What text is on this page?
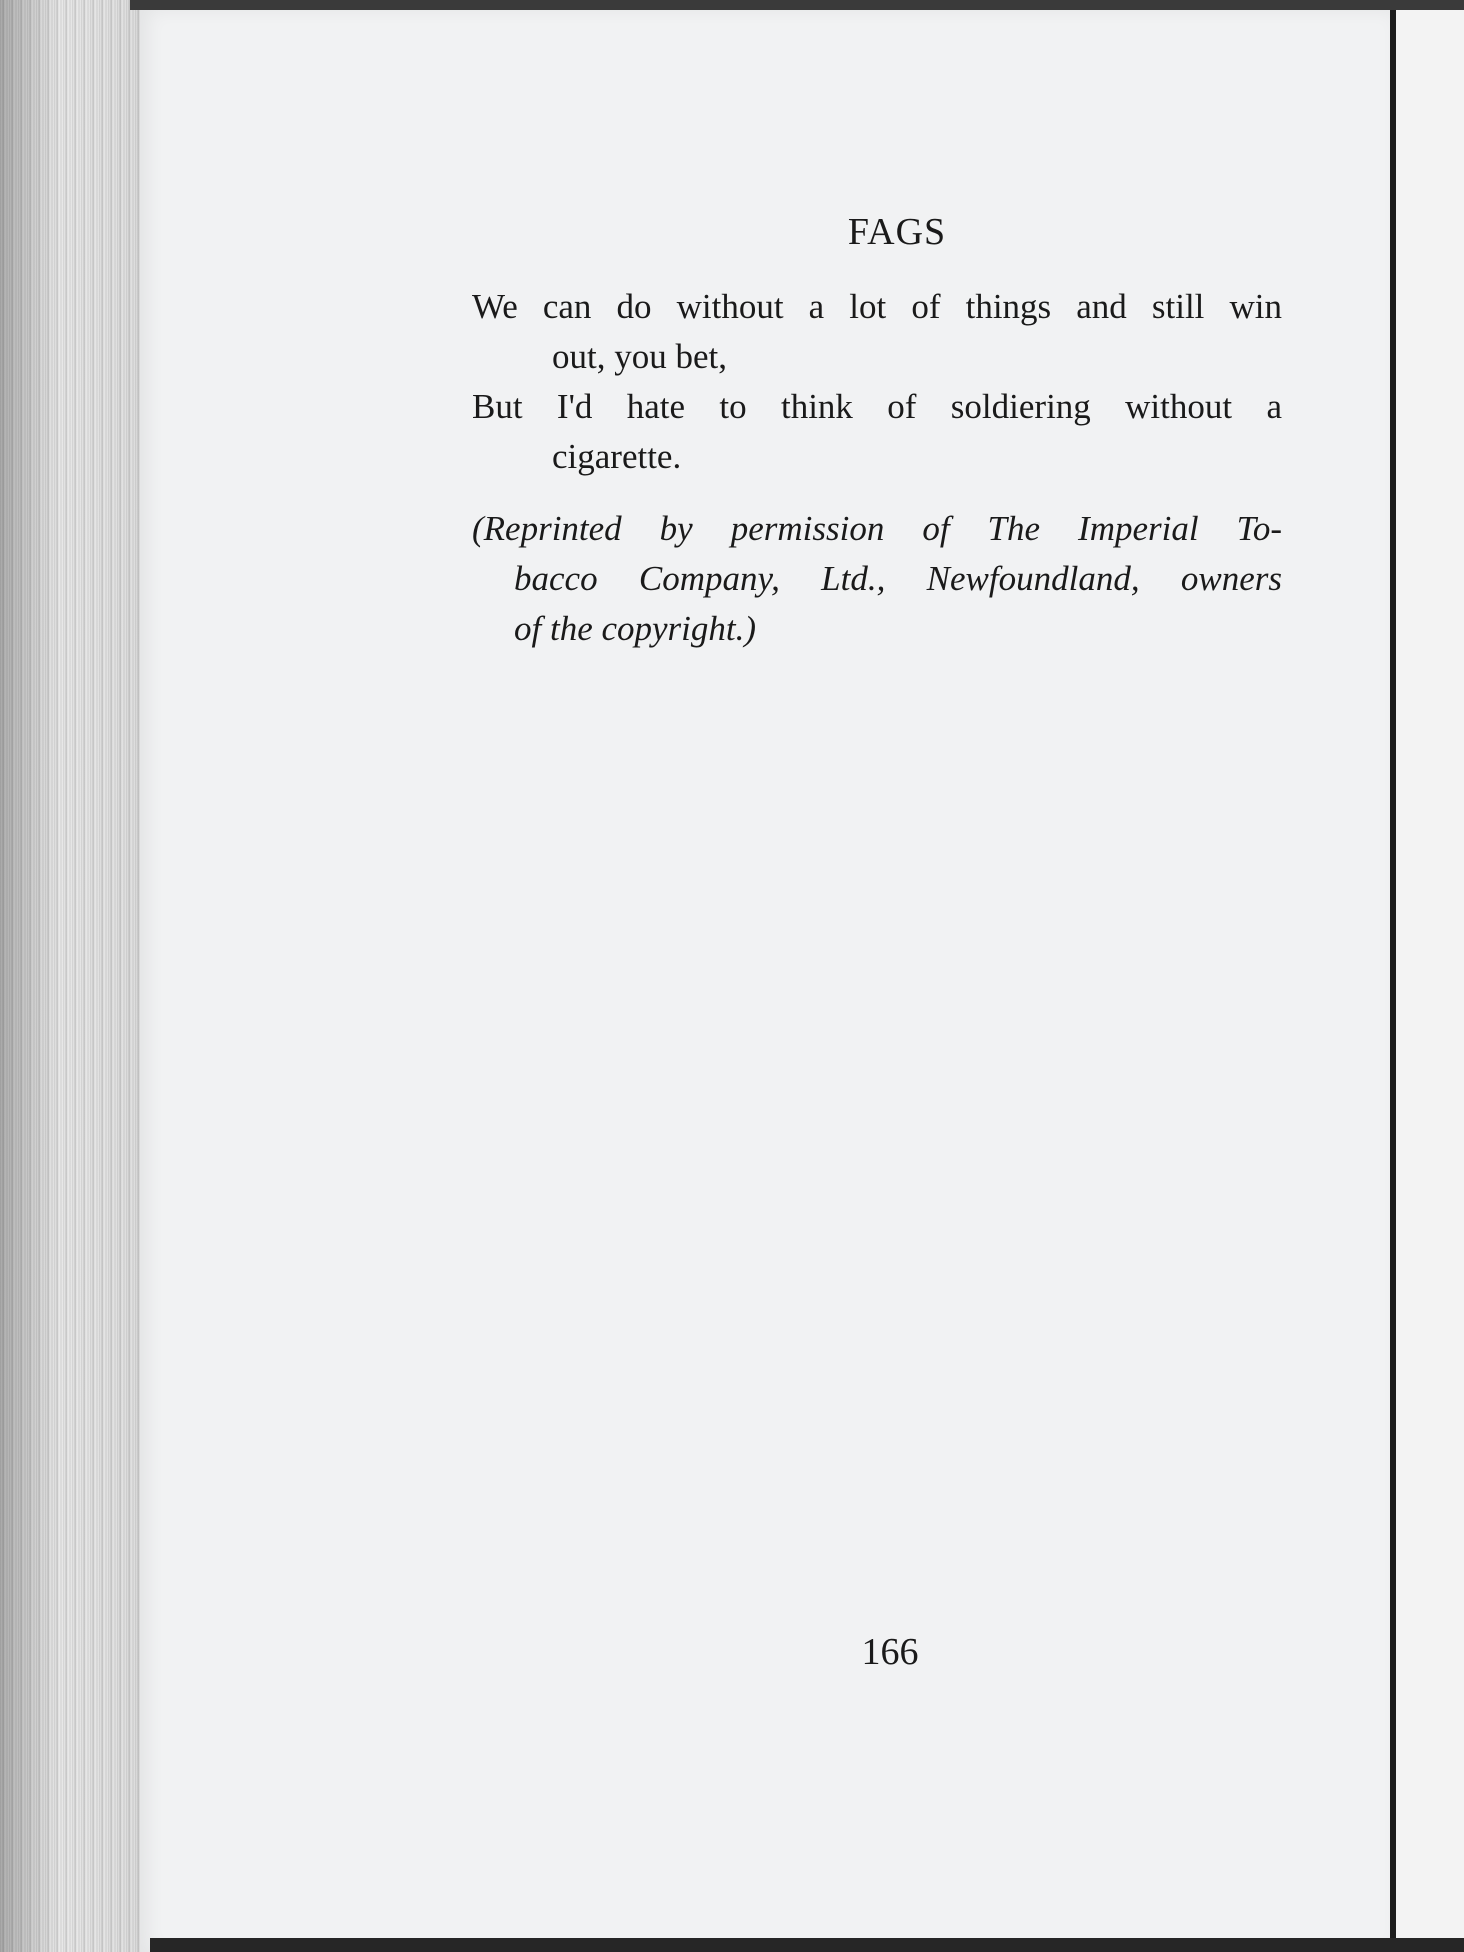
FAGS

We can do without a lot of things and still win

out, you bet,

But I'd hate to think of soldiering without a

cigarette.

(Reprinted by permission of The Imperial To-
bacco Company, Ltd., Newfoundland, owners
of the copyright.)

166
